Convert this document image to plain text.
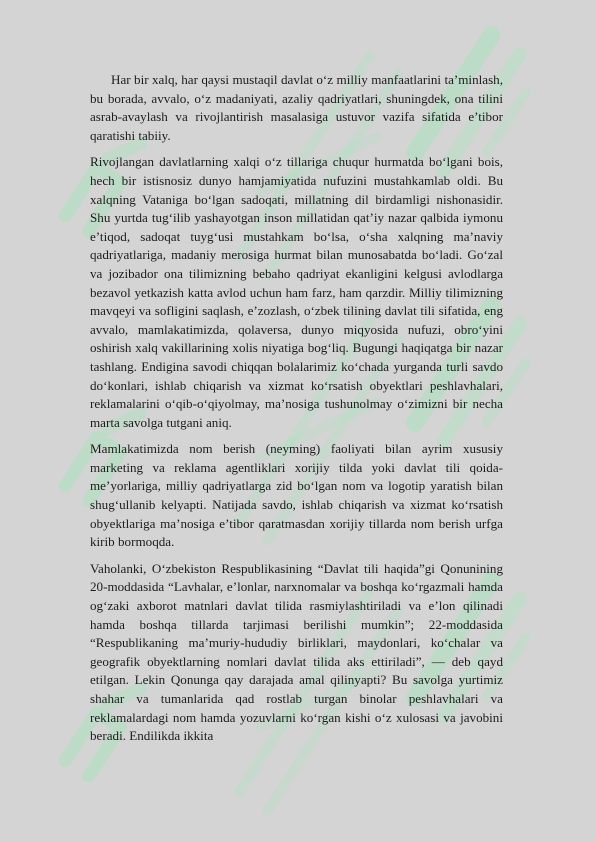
Har bir xalq, har qaysi mustaqil davlat o‘z milliy manfaatlarini ta’minlash, bu borada, avvalo, o‘z madaniyati, azaliy qadriyatlari, shuningdek, ona tilini asrab-avaylash va rivojlantirish masalasiga ustuvor vazifa sifatida e’tibor qaratishi tabiiy.

Rivojlangan davlatlarning xalqi o‘z tillariga chuqur hurmatda bo‘lgani bois, hech bir istisnosiz dunyo hamjamiyatida nufuzini mustahkamlab oldi. Bu xalqning Vataniga bo‘lgan sadoqati, millatning dil birdamligi nishonasidir. Shu yurtda tug‘ilib yashayotgan inson millatidan qat’iy nazar qalbida iymonu e’tiqod, sadoqat tuyg‘usi mustahkam bo‘lsa, o‘sha xalqning ma’naviy qadriyatlariga, madaniy merosiga hurmat bilan munosabatda bo‘ladi. Go‘zal va jozibador ona tilimizning bebaho qadriyat ekanligini kelgusi avlodlarga bezavol yetkazish katta avlod uchun ham farz, ham qarzdir. Milliy tilimizning mavqeyi va sofligini saqlash, e’zozlash, o‘zbek tilining davlat tili sifatida, eng avvalo, mamlakatimizda, qolaversa, dunyo miqyosida nufuzi, obro‘yini oshirish xalq vakillarining xolis niyatiga bog‘liq. Bugungi haqiqatga bir nazar tashlang. Endigina savodi chiqqan bolalarimiz ko‘chada yurganda turli savdo do‘konlari, ishlab chiqarish va xizmat ko‘rsatish obyektlari peshlavhalari, reklamalarini o‘qib-o‘qiyolmay, ma’nosiga tushunolmay o‘zimizni bir necha marta savolga tutgani aniq.

Mamlakatimizda nom berish (neyming) faoliyati bilan ayrim xususiy marketing va reklama agentliklari xorijiy tilda yoki davlat tili qoida-me’yorlariga, milliy qadriyatlarga zid bo‘lgan nom va logotip yaratish bilan shug‘ullanib kelyapti. Natijada savdo, ishlab chiqarish va xizmat ko‘rsatish obyektlariga ma’nosiga e’tibor qaratmasdan xorijiy tillarda nom berish urfga kirib bormoqda.

Vaholanki, O‘zbekiston Respublikasining “Davlat tili haqida”gi Qonunining 20-moddasida “Lavhalar, e’lonlar, narxnomalar va boshqa ko‘rgazmali hamda og‘zaki axborot matnlari davlat tilida rasmiylashtiriladi va e’lon qilinadi hamda boshqa tillarda tarjimasi berilishi mumkin”; 22-moddasida “Respublikaning ma’muriy-hududiy birliklari, maydonlari, ko‘chalar va geografik obyektlarning nomlari davlat tilida aks ettiriladi”, — deb qayd etilgan. Lekin Qonunga qay darajada amal qilinyapti? Bu savolga yurtimiz shahar va tumanlarida qad rostlab turgan binolar peshlavhalari va reklamalardagi nom hamda yozuvlarni ko‘rgan kishi o‘z xulosasi va javobini beradi. Endilikda ikkita
